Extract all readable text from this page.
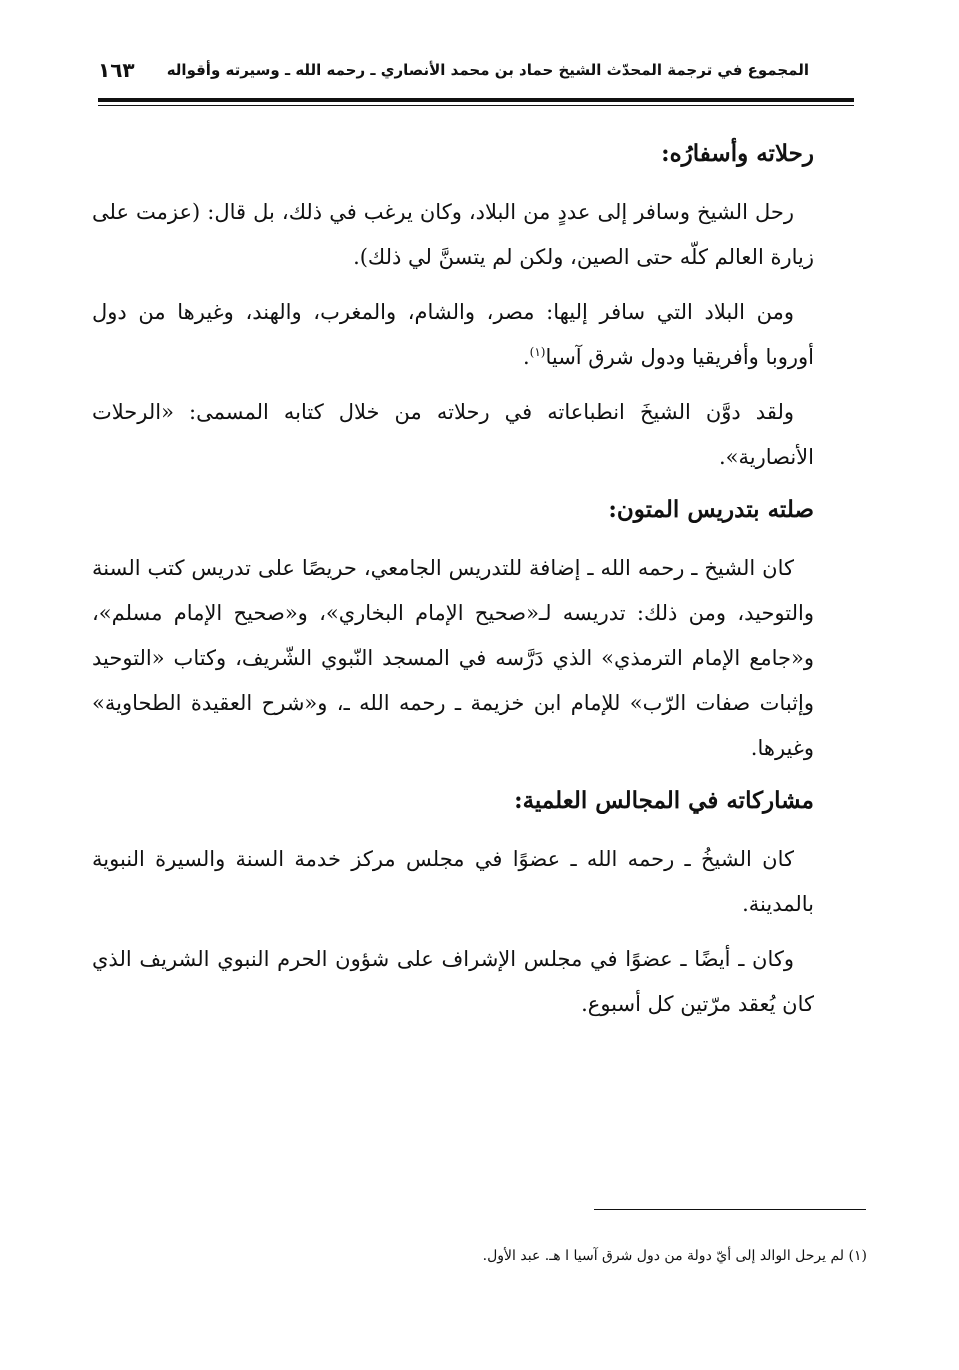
المجموع في ترجمة المحدّث الشيخ حماد بن محمد الأنصاري ـ رحمه الله ـ وسيرته وأقواله
١٦٣
رحلاته وأسفارُه:

رحل الشيخ وسافر إلى عددٍ من البلاد، وكان يرغب في ذلك، بل قال: (عزمت على زيارة العالم كلّه حتى الصين، ولكن لم يتسنَّ لي ذلك).

ومن البلاد التي سافر إليها: مصر، والشام، والمغرب، والهند، وغيرها من دول أوروبا وأفريقيا ودول شرق آسيا$^{(١)}$.

ولقد دوَّن الشيخَ انطباعاته في رحلاته من خلال كتابه المسمى: «الرحلات الأنصارية».

صلته بتدريس المتون:

كان الشيخ ـ رحمه الله ـ إضافة للتدريس الجامعي، حريصًا على تدريس كتب السنة والتوحيد، ومن ذلك: تدريسه لـ«صحيح الإمام البخاري»، و«صحيح الإمام مسلم»، و«جامع الإمام الترمذي» الذي دَرَّسه في المسجد النّبوي الشّريف، وكتاب «التوحيد وإثبات صفات الرّب» للإمام ابن خزيمة ـ رحمه الله ـ، و«شرح العقيدة الطحاوية» وغيرها.

مشاركاته في المجالس العلمية:

كان الشيخُ ـ رحمه الله ـ عضوًا في مجلس مركز خدمة السنة والسيرة النبوية بالمدينة.

وكان ـ أيضًا ـ عضوًا في مجلس الإشراف على شؤون الحرم النبوي الشريف الذي كان يُعقد مرّتين كل أسبوع.

(١) لم يرحل الوالد إلى أيّ دولة من دول شرق آسيا ا هـ. عبد الأول.
